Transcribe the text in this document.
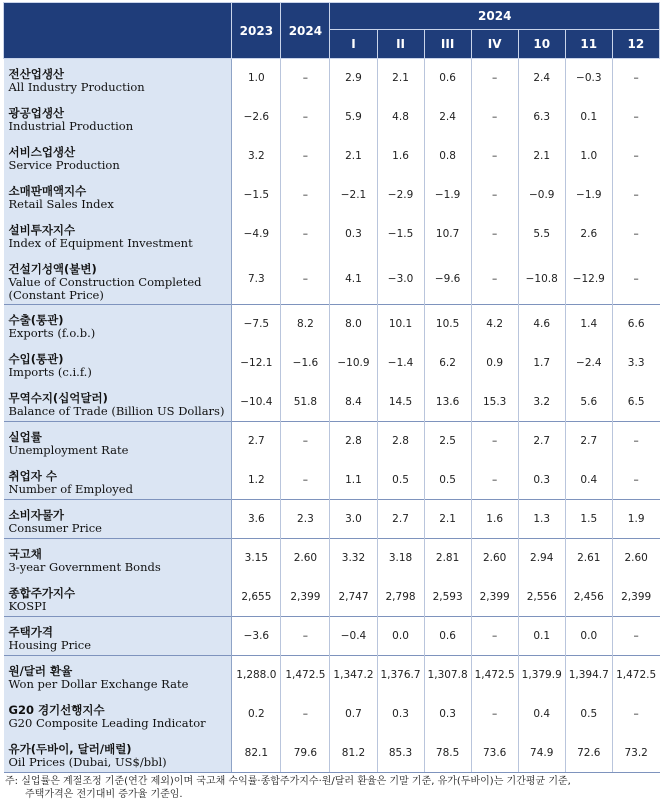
	2023	2024	2024						
			I	II	III	IV	10	11	12

전산업생산
All Industry Production	1.0	–	2.9	2.1	0.6	–	2.4	−0.3	–

광공업생산
Industrial Production	−2.6	–	5.9	4.8	2.4	–	6.3	0.1	–

서비스업생산
Service Production	3.2	–	2.1	1.6	0.8	–	2.1	1.0	–

소매판매액지수
Retail Sales Index	−1.5	–	−2.1	−2.9	−1.9	–	−0.9	−1.9	–

설비투자지수
Index of Equipment Investment	−4.9	–	0.3	−1.5	10.7	–	5.5	2.6	–

건설기성액(불변)
Value of Construction Completed
(Constant Price)	7.3	–	4.1	−3.0	−9.6	–	−10.8	−12.9	–

수출(통관)
Exports (f.o.b.)	−7.5	8.2	8.0	10.1	10.5	4.2	4.6	1.4	6.6

수입(통관)
Imports (c.i.f.)	−12.1	−1.6	−10.9	−1.4	6.2	0.9	1.7	−2.4	3.3

무역수지(십억달러)
Balance of Trade (Billion US Dollars)	−10.4	51.8	8.4	14.5	13.6	15.3	3.2	5.6	6.5

실업률
Unemployment Rate	2.7	–	2.8	2.8	2.5	–	2.7	2.7	–

취업자 수
Number of Employed	1.2	–	1.1	0.5	0.5	–	0.3	0.4	–

소비자물가
Consumer Price	3.6	2.3	3.0	2.7	2.1	1.6	1.3	1.5	1.9

국고채
3-year Government Bonds	3.15	2.60	3.32	3.18	2.81	2.60	2.94	2.61	2.60

종합주가지수
KOSPI	2,655	2,399	2,747	2,798	2,593	2,399	2,556	2,456	2,399

주택가격
Housing Price	−3.6	–	−0.4	0.0	0.6	–	0.1	0.0	–

원/달러 환율
Won per Dollar Exchange Rate	1,288.0	1,472.5	1,347.2	1,376.7	1,307.8	1,472.5	1,379.9	1,394.7	1,472.5

G20 경기선행지수
G20 Composite Leading Indicator	0.2	–	0.7	0.3	0.3	–	0.4	0.5	–

유가(두바이, 달러/배럴)
Oil Prices (Dubai, US$/bbl)	82.1	79.6	81.2	85.3	78.5	73.6	74.9	72.6	73.2
주: 실업률은 계절조정 기준(연간 제외)이며 국고채 수익률·종합주가지수·원/달러 환율은 기말 기준, 유가(두바이)는 기간평균 기준,
주택가격은 전기대비 증가율 기준임.
